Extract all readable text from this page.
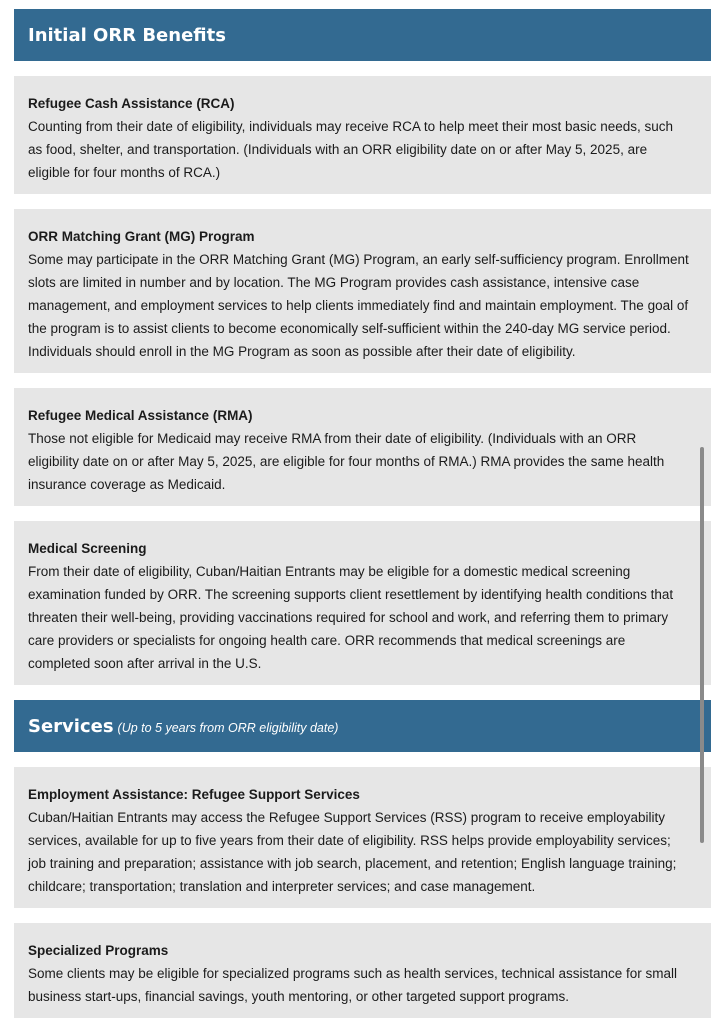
Initial ORR Benefits

Refugee Cash Assistance (RCA)

Counting from their date of eligibility, individuals may receive RCA to help meet their most basic needs, such as food, shelter, and transportation. (Individuals with an ORR eligibility date on or after May 5, 2025, are eligible for four months of RCA.)

ORR Matching Grant (MG) Program

Some may participate in the ORR Matching Grant (MG) Program, an early self-sufficiency program. Enrollment slots are limited in number and by location. The MG Program provides cash assistance, intensive case management, and employment services to help clients immediately find and maintain employment. The goal of the program is to assist clients to become economically self-sufficient within the 240-day MG service period. Individuals should enroll in the MG Program as soon as possible after their date of eligibility.

Refugee Medical Assistance (RMA)

Those not eligible for Medicaid may receive RMA from their date of eligibility. (Individuals with an ORR eligibility date on or after May 5, 2025, are eligible for four months of RMA.) RMA provides the same health insurance coverage as Medicaid.

Medical Screening

From their date of eligibility, Cuban/Haitian Entrants may be eligible for a domestic medical screening examination funded by ORR. The screening supports client resettlement by identifying health conditions that threaten their well-being, providing vaccinations required for school and work, and referring them to primary care providers or specialists for ongoing health care. ORR recommends that medical screenings are completed soon after arrival in the U.S.

Services (Up to 5 years from ORR eligibility date)

Employment Assistance: Refugee Support Services

Cuban/Haitian Entrants may access the Refugee Support Services (RSS) program to receive employability services, available for up to five years from their date of eligibility. RSS helps provide employability services; job training and preparation; assistance with job search, placement, and retention; English language training; childcare; transportation; translation and interpreter services; and case management.

Specialized Programs

Some clients may be eligible for specialized programs such as health services, technical assistance for small business start-ups, financial savings, youth mentoring, or other targeted support programs.
